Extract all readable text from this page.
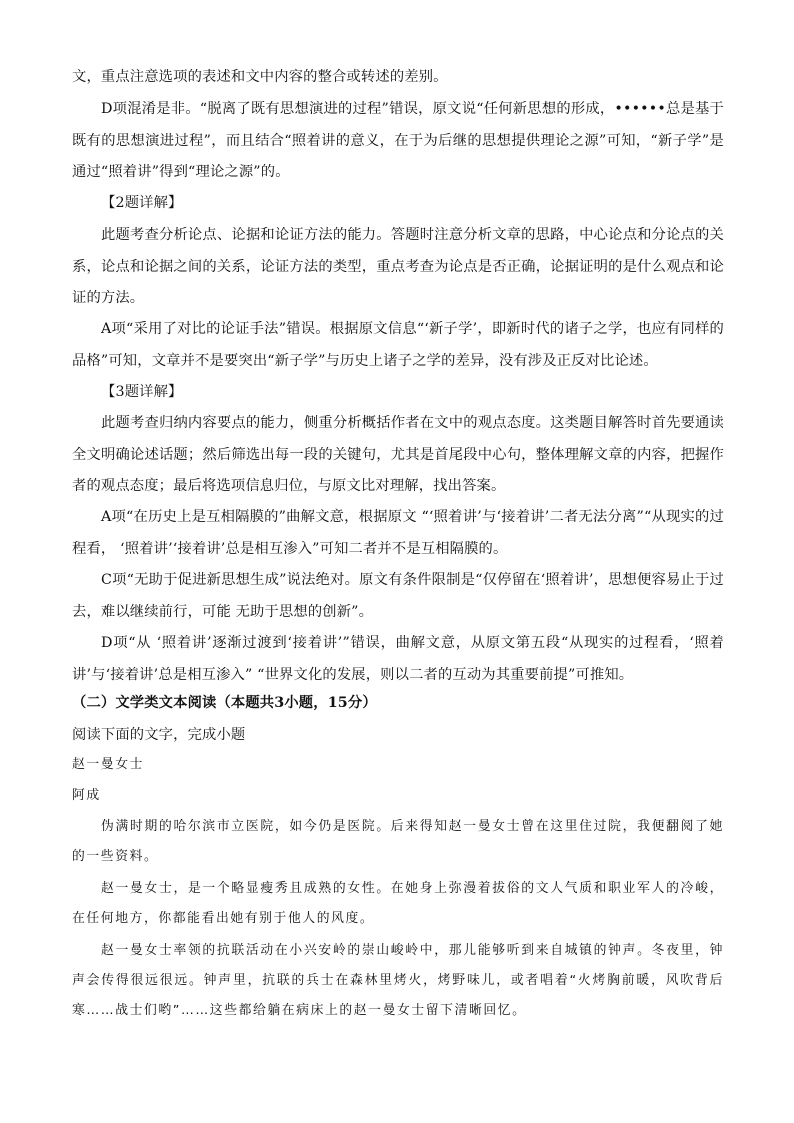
文，重点注意选项的表述和文中内容的整合或转述的差别。
D项混淆是非。“脱离了既有思想演进的过程”错误，原文说“任何新思想的形成，••••••总是基于既有的思想演进过程”，而且结合“照着讲的意义，在于为后继的思想提供理论之源”可知，“新子学”是通过“照着讲”得到“理论之源”的。
【2题详解】
此题考查分析论点、论据和论证方法的能力。答题时注意分析文章的思路，中心论点和分论点的关系，论点和论据之间的关系，论证方法的类型，重点考查为论点是否正确，论据证明的是什么观点和论证的方法。
A项“采用了对比的论证手法”错误。根据原文信息“‘新子学’，即新时代的诸子之学，也应有同样的品格”可知，文章并不是要突出“新子学”与历史上诸子之学的差异，没有涉及正反对比论述。
【3题详解】
此题考查归纳内容要点的能力，侧重分析概括作者在文中的观点态度。这类题目解答时首先要通读全文明确论述话题；然后筛选出每一段的关键句，尤其是首尾段中心句，整体理解文章的内容，把握作者的观点态度；最后将选项信息归位，与原文比对理解，找出答案。
A项“在历史上是互相隔膜的”曲解文意，根据原文 “‘照着讲’与‘接着讲’二者无法分离”“从现实的过程看， ‘照着讲’‘接着讲’总是相互渗入”可知二者并不是互相隔膜的。
C项“无助于促进新思想生成”说法绝对。原文有条件限制是“仅停留在‘照着讲’，思想便容易止于过去，难以继续前行，可能 无助于思想的创新”。
D项“从 ‘照着讲’逐渐过渡到‘接着讲’”错误，曲解文意，从原文第五段“从现实的过程看，‘照着讲’与‘接着讲’总是相互渗入” “世界文化的发展，则以二者的互动为其重要前提”可推知。
（二）文学类文本阅读（本题共3小题，15分）
阅读下面的文字，完成小题
赵一曼女士
阿成
伪满时期的哈尔滨市立医院，如今仍是医院。后来得知赵一曼女士曾在这里住过院，我便翻阅了她的一些资料。
赵一曼女士，是一个略显瘦秀且成熟的女性。在她身上弥漫着拔俗的文人气质和职业军人的冷峻，在任何地方，你都能看出她有别于他人的风度。
赵一曼女士率领的抗联活动在小兴安岭的崇山峻岭中，那儿能够听到来自城镇的钟声。冬夜里，钟声会传得很远很远。钟声里，抗联的兵士在森林里烤火，烤野味儿，或者唱着“火烤胸前暖，风吹背后寒……战士们哟”……这些都给躺在病床上的赵一曼女士留下清晰回忆。
